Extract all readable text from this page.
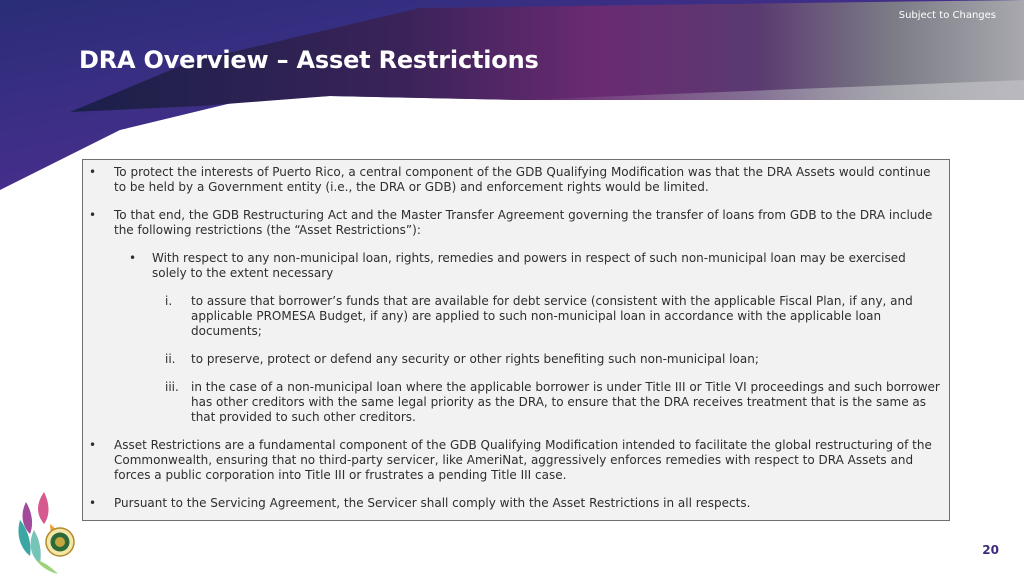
Subject to Changes
DRA Overview – Asset Restrictions
• To protect the interests of Puerto Rico, a central component of the GDB Qualifying Modification was that the DRA Assets would continue to be held by a Government entity (i.e., the DRA or GDB) and enforcement rights would be limited.
• To that end, the GDB Restructuring Act and the Master Transfer Agreement governing the transfer of loans from GDB to the DRA include the following restrictions (the “Asset Restrictions”):
• With respect to any non-municipal loan, rights, remedies and powers in respect of such non-municipal loan may be exercised solely to the extent necessary
i.	to assure that borrower’s funds that are available for debt service (consistent with the applicable Fiscal Plan, if any, and applicable PROMESA Budget, if any) are applied to such non-municipal loan in accordance with the applicable loan documents;
ii.	to preserve, protect or defend any security or other rights benefiting such non-municipal loan;
iii.	in the case of a non-municipal loan where the applicable borrower is under Title III or Title VI proceedings and such borrower has other creditors with the same legal priority as the DRA, to ensure that the DRA receives treatment that is the same as that provided to such other creditors.
• Asset Restrictions are a fundamental component of the GDB Qualifying Modification intended to facilitate the global restructuring of the Commonwealth, ensuring that no third-party servicer, like AmeriNat, aggressively enforces remedies with respect to DRA Assets and forces a public corporation into Title III or frustrates a pending Title III case.
• Pursuant to the Servicing Agreement, the Servicer shall comply with the Asset Restrictions in all respects.
20
